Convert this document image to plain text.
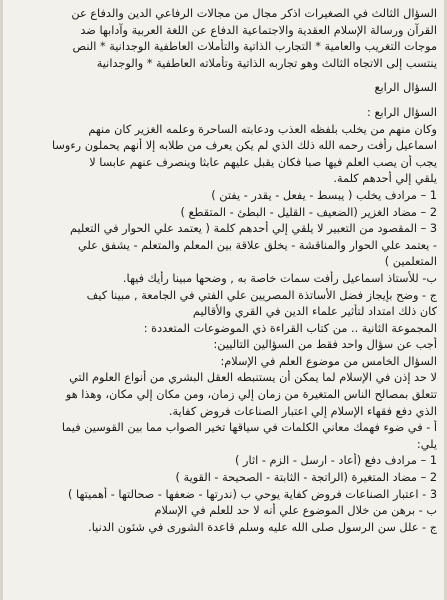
السؤال الثالث في الصغيرات اذكر مجال من مجالات الرفاعي الدين والدفاع عن
القرآن ورسالة الإسلام العقدية والاجتماعية الدفاع عن اللغة العربية وآدابها ضد
موجات التغريب والعامية * التجارب الذاتية والتأملات العاطفية الوجدانية * النص
ينتسب إلى الاتجاه الثالث وهو تجاربه الذاتية وتأملاته العاطفية * والوجدانية
السؤال الرابع
السؤال الرابع :
وكان منهم من يخلب بلفظه العذب ودعابته الساحرة وعلمه الغزير كان منهم
اسماعيل رأفت رحمه الله ذلك الذي لم يكن يعرف من طلابه إلا أنهم يحملون رءوسا
يجب أن يصب العلم فيها صبا فكان يقبل عليهم عابثا وينصرف عنهم عابسا لا
يلقي إلي أحدهم كلمة.
1 – مرادف يخلب ( يبسط - يفعل - يقدر - يفتن )
2 – مضاد الغزير (الضعيف - القليل - البطئ - المتقطع )
3 – المقصود من التعبير لا يلقي إلي أحدهم كلمة ( يعتمد علي الحوار في التعليم
- يعتمد علي الحوار والمناقشة - يخلق علاقة بين المعلم والمتعلم - يشفق علي
المتعلمين )
ب- للأستاذ اسماعيل رأفت سمات خاصة به , وضحها مبينا رأيك فيها.
ج - وضح بإيجاز فضل الأساتذة المصريين علي الفتي في الجامعة , مبينا كيف
كان ذلك امتداد لتأثير علماء الدين في القري والأقاليم
المجموعة الثانية .. من كتاب القراءة ذي الموضوعات المتعددة :
أجب عن سؤال واحد فقط من السؤالين التاليين:
السؤال الخامس من موضوع العلم في الإسلام:
لا حد إذن في الإسلام لما يمكن أن يستنبطه العقل البشري من أنواع العلوم التي
تتعلق بمصالح الناس المتغيرة من زمان إلي زمان، ومن مكان إلي مكان، وهذا هو
الذي دفع فقهاء الإسلام إلي اعتبار الصناعات فروض كفاية.
أ - في ضوء فهمك معاني الكلمات في سياقها تخير الصواب مما بين القوسين فيما
يلي:
1 – مرادف دفع (أعاد - ارسل - الزم - اثار )
2 – مضاد المتغيرة (الراتجة - الثابتة - الصحيحة - القوية )
3 - اعتبار الصناعات فروض كفاية يوحي ب (ندرتها - ضعفها - صحالتها - أهميتها )
ب - برهن من خلال الموضوع علي أنه لا حد للعلم في الإسلام
ج - علل سن الرسول صلى الله عليه وسلم قاعدة الشورى في شئون الدنيا.
